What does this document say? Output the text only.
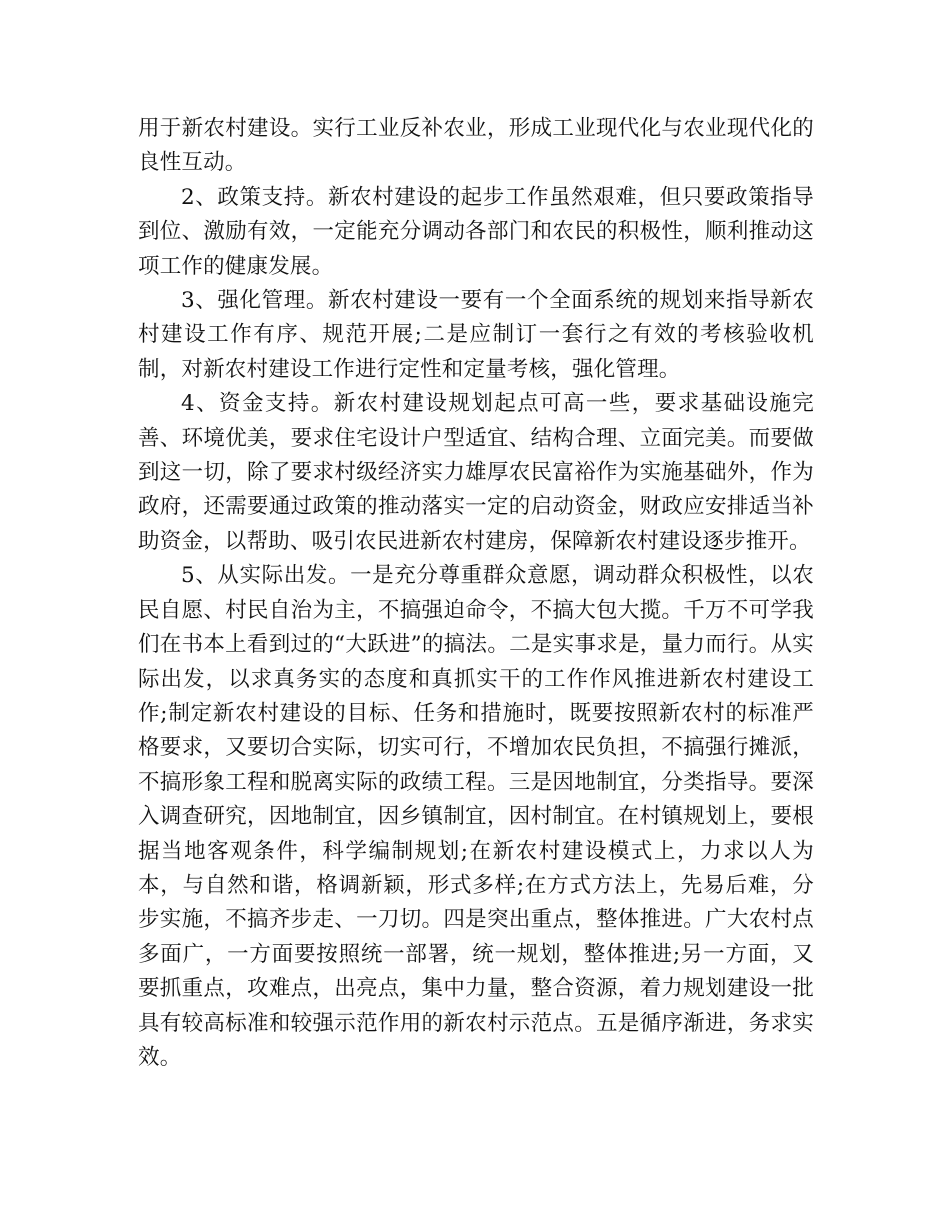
用于新农村建设。实行工业反补农业，形成工业现代化与农业现代化的良性互动。

2、政策支持。新农村建设的起步工作虽然艰难，但只要政策指导到位、激励有效，一定能充分调动各部门和农民的积极性，顺利推动这项工作的健康发展。

3、强化管理。新农村建设一要有一个全面系统的规划来指导新农村建设工作有序、规范开展;二是应制订一套行之有效的考核验收机制，对新农村建设工作进行定性和定量考核，强化管理。

4、资金支持。新农村建设规划起点可高一些，要求基础设施完善、环境优美，要求住宅设计户型适宜、结构合理、立面完美。而要做到这一切，除了要求村级经济实力雄厚农民富裕作为实施基础外，作为政府，还需要通过政策的推动落实一定的启动资金，财政应安排适当补助资金，以帮助、吸引农民进新农村建房，保障新农村建设逐步推开。

5、从实际出发。一是充分尊重群众意愿，调动群众积极性，以农民自愿、村民自治为主，不搞强迫命令，不搞大包大揽。千万不可学我们在书本上看到过的“大跃进”的搞法。二是实事求是，量力而行。从实际出发，以求真务实的态度和真抓实干的工作作风推进新农村建设工作;制定新农村建设的目标、任务和措施时，既要按照新农村的标准严格要求，又要切合实际，切实可行，不增加农民负担，不搞强行摊派，不搞形象工程和脱离实际的政绩工程。三是因地制宜，分类指导。要深入调查研究，因地制宜，因乡镇制宜，因村制宜。在村镇规划上，要根据当地客观条件，科学编制规划;在新农村建设模式上，力求以人为本，与自然和谐，格调新颖，形式多样;在方式方法上，先易后难，分步实施，不搞齐步走、一刀切。四是突出重点，整体推进。广大农村点多面广，一方面要按照统一部署，统一规划，整体推进;另一方面，又要抓重点，攻难点，出亮点，集中力量，整合资源，着力规划建设一批具有较高标准和较强示范作用的新农村示范点。五是循序渐进，务求实效。
